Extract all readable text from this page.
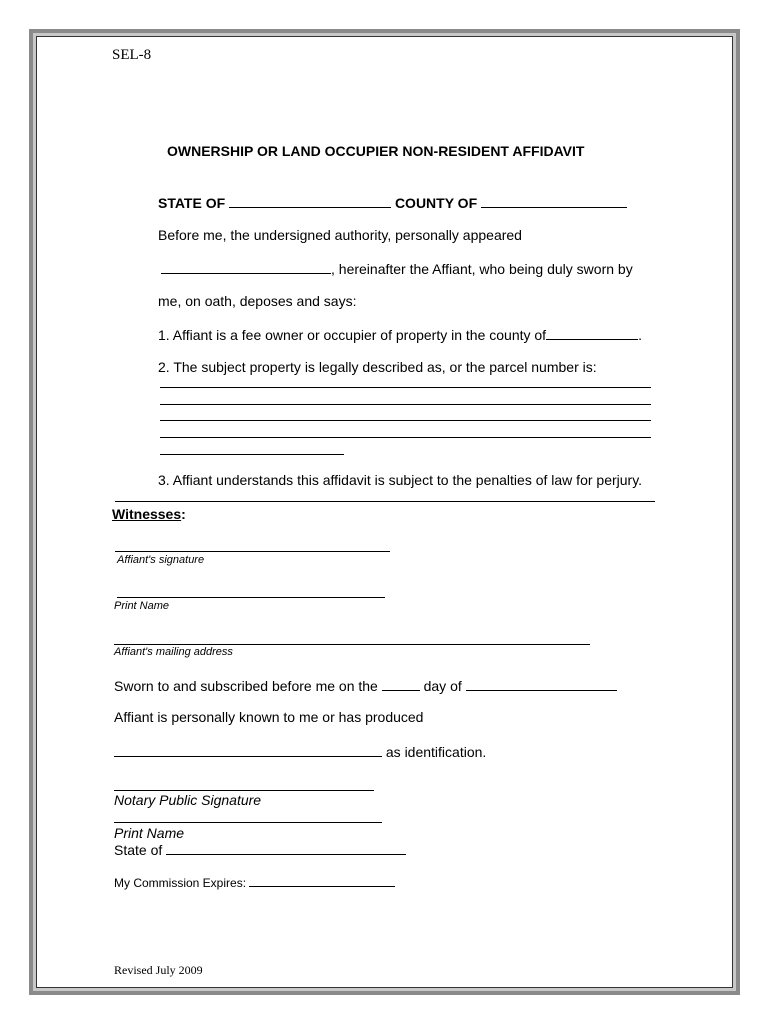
SEL-8
OWNERSHIP OR LAND OCCUPIER NON-RESIDENT AFFIDAVIT
STATE OF	COUNTY OF
Before me, the undersigned authority, personally appeared
, hereinafter the Affiant, who being duly sworn by
me, on oath, deposes and says:
1. Affiant is a fee owner or occupier of property in the county of	.
2. The subject property is legally described as, or the parcel number is:
3. Affiant understands this affidavit is subject to the penalties of law for perjury.
Witnesses:
Affiant's signature
Print Name
Affiant's mailing address
Sworn to and subscribed before me on the	day of
Affiant is personally known to me or has produced
as identification.
Notary Public Signature
Print Name
State of
My Commission Expires:
Revised July 2009
